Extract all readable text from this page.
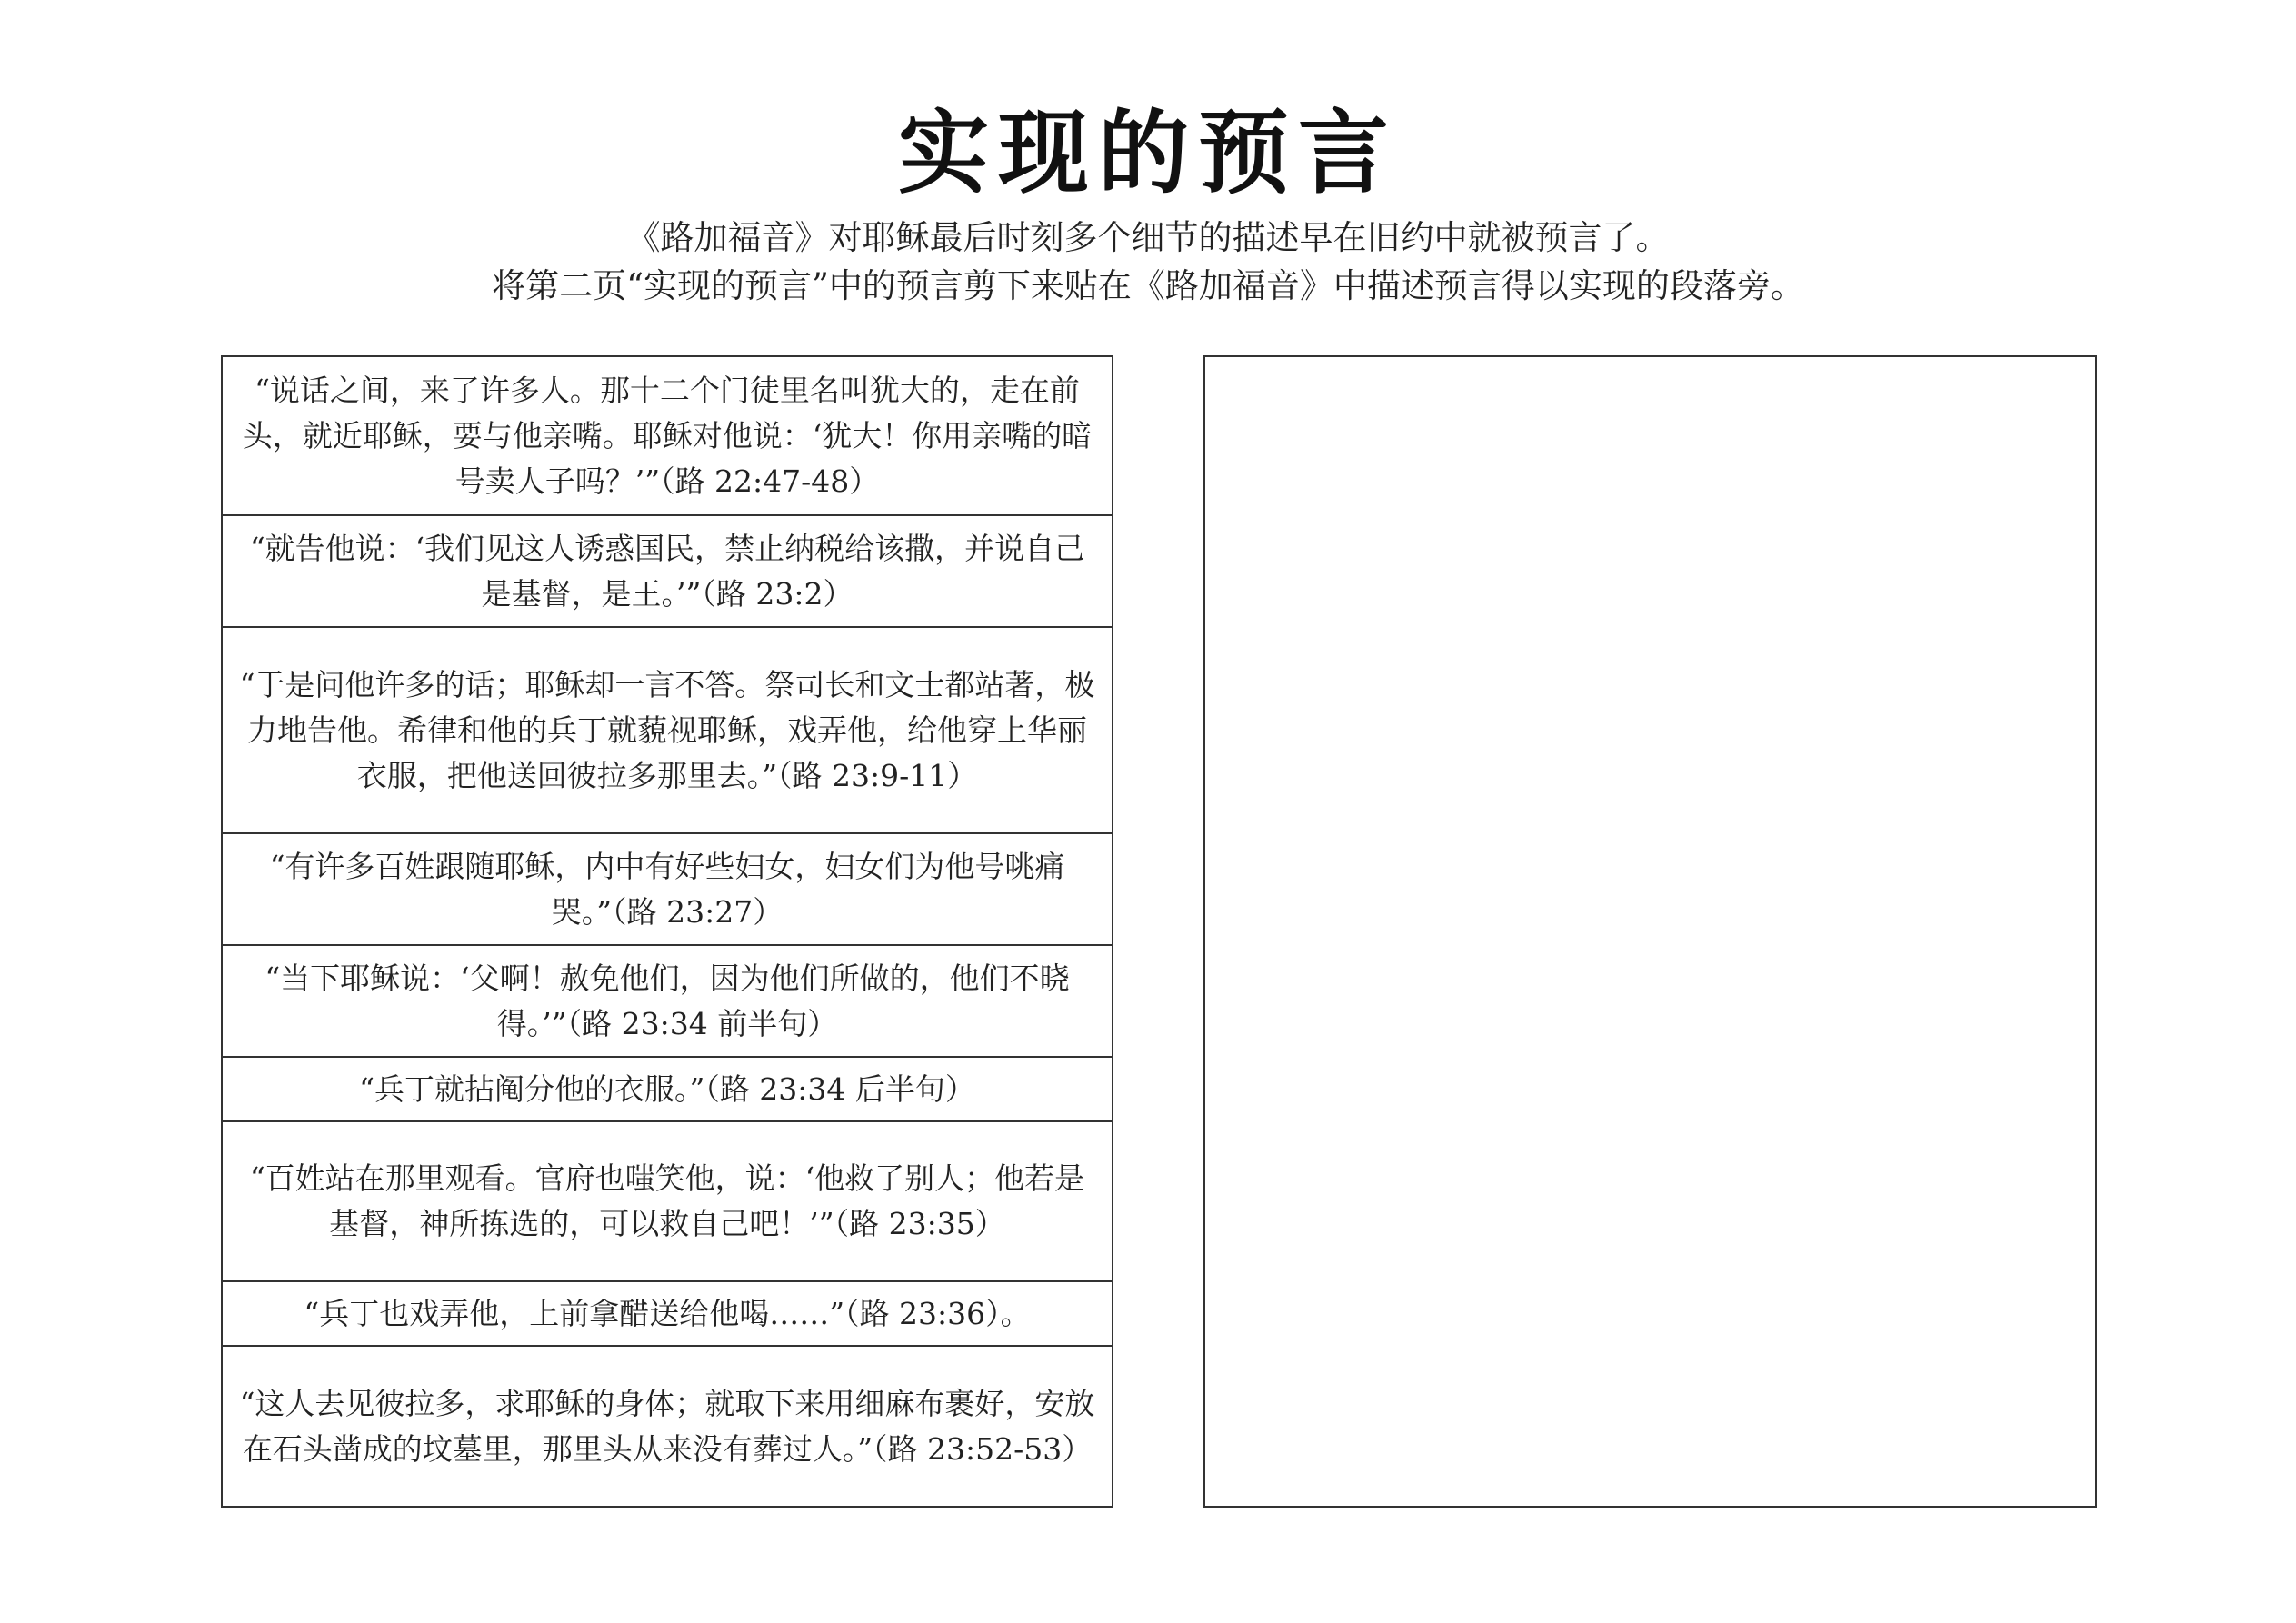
实现的预言
《路加福音》对耶稣最后时刻多个细节的描述早在旧约中就被预言了。
将第二页“实现的预言”中的预言剪下来贴在《路加福音》中描述预言得以实现的段落旁。
“说话之间，来了许多人。那十二个门徒里名叫犹大的，走在前头，就近耶稣，要与他亲嘴。耶稣对他说：‘犹大！你用亲嘴的暗号卖人子吗？’”（路 22:47-48）
“就告他说：‘我们见这人诱惑国民，禁止纳税给该撒，并说自己是基督，是王。’”（路 23:2）
“于是问他许多的话；耶稣却一言不答。祭司长和文士都站著，极力地告他。希律和他的兵丁就藐视耶稣，戏弄他，给他穿上华丽衣服，把他送回彼拉多那里去。”（路 23:9-11）
“有许多百姓跟随耶稣，内中有好些妇女，妇女们为他号咷痛哭。”（路 23:27）
“当下耶稣说：‘父啊！赦免他们，因为他们所做的，他们不晓得。’”（路 23:34 前半句）
“兵丁就拈阄分他的衣服。”（路 23:34 后半句）
“百姓站在那里观看。官府也嗤笑他，说：‘他救了别人；他若是基督，神所拣选的，可以救自己吧！’”（路 23:35）
“兵丁也戏弄他，上前拿醋送给他喝……”（路 23:36）。
“这人去见彼拉多，求耶稣的身体；就取下来用细麻布裹好，安放在石头凿成的坟墓里，那里头从来没有葬过人。”（路 23:52-53）
